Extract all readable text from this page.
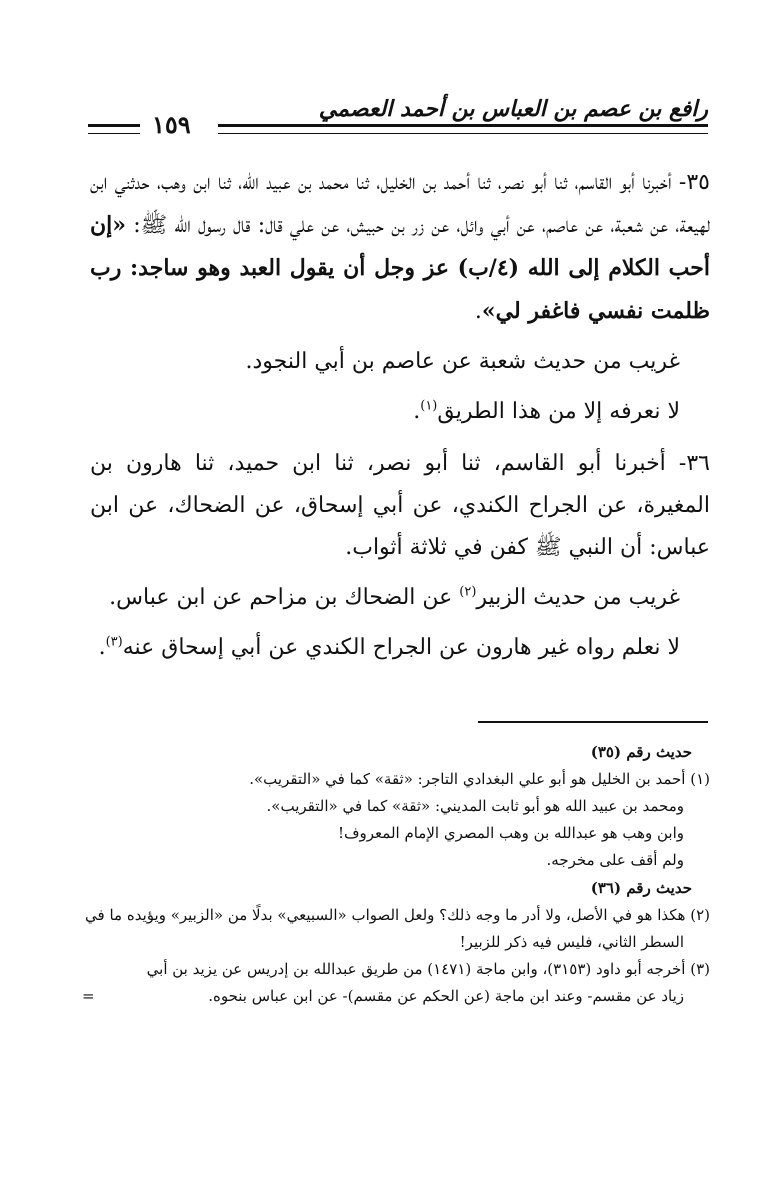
رافع بن عصم بن العباس بن أحمد العصمي
١٥٩

٣٥- أخبرنا أبو القاسم، ثنا أبو نصر، ثنا أحمد بن الخليل، ثنا محمد بن عبيد الله، ثنا ابن وهب، حدثني ابن لهيعة، عن شعبة، عن عاصم، عن أبي وائل، عن زر بن حبيش، عن علي قال: قال رسول الله ﷺ: «إن أحب الكلام إلى الله (٤/ب) عز وجل أن يقول العبد وهو ساجد: رب ظلمت نفسي فاغفر لي».

غريب من حديث شعبة عن عاصم بن أبي النجود.

لا نعرفه إلا من هذا الطريق$^{(١)}$.

٣٦- أخبرنا أبو القاسم، ثنا أبو نصر، ثنا ابن حميد، ثنا هارون بن المغيرة، عن الجراح الكندي، عن أبي إسحاق، عن الضحاك، عن ابن عباس: أن النبي ﷺ كفن في ثلاثة أثواب.

غريب من حديث الزبير$^{(٢)}$ عن الضحاك بن مزاحم عن ابن عباس.

لا نعلم رواه غير هارون عن الجراح الكندي عن أبي إسحاق عنه$^{(٣)}$.

حديث رقم (٣٥)

(١) أحمد بن الخليل هو أبو علي البغدادي التاجر: «ثقة» كما في «التقريب».

ومحمد بن عبيد الله هو أبو ثابت المديني: «ثقة» كما في «التقريب».

وابن وهب هو عبدالله بن وهب المصري الإمام المعروف!

ولم أقف على مخرجه.

حديث رقم (٣٦)

(٢) هكذا هو في الأصل، ولا أدر ما وجه ذلك؟ ولعل الصواب «السبيعي» بدلًا من «الزبير» ويؤيده ما في السطر الثاني، فليس فيه ذكر للزبير!

(٣) أخرجه أبو داود (٣١٥٣)، وابن ماجة (١٤٧١) من طريق عبدالله بن إدريس عن يزيد بن أبي

زياد عن مقسم- وعند ابن ماجة (عن الحكم عن مقسم)- عن ابن عباس بنحوه.
=
